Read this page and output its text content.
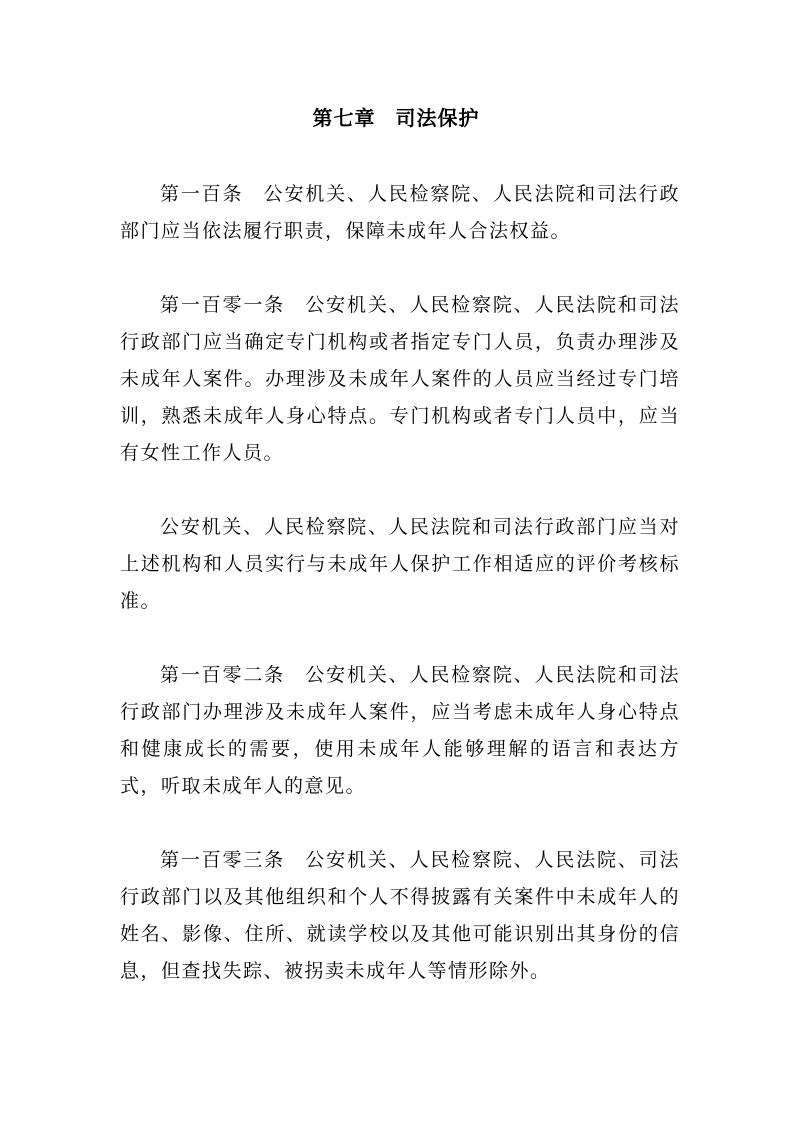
第七章 司法保护

第一百条 公安机关、人民检察院、人民法院和司法行政部门应当依法履行职责，保障未成年人合法权益。

第一百零一条 公安机关、人民检察院、人民法院和司法行政部门应当确定专门机构或者指定专门人员，负责办理涉及未成年人案件。办理涉及未成年人案件的人员应当经过专门培训，熟悉未成年人身心特点。专门机构或者专门人员中，应当有女性工作人员。

公安机关、人民检察院、人民法院和司法行政部门应当对上述机构和人员实行与未成年人保护工作相适应的评价考核标准。

第一百零二条 公安机关、人民检察院、人民法院和司法行政部门办理涉及未成年人案件，应当考虑未成年人身心特点和健康成长的需要，使用未成年人能够理解的语言和表达方式，听取未成年人的意见。

第一百零三条 公安机关、人民检察院、人民法院、司法行政部门以及其他组织和个人不得披露有关案件中未成年人的姓名、影像、住所、就读学校以及其他可能识别出其身份的信息，但查找失踪、被拐卖未成年人等情形除外。
